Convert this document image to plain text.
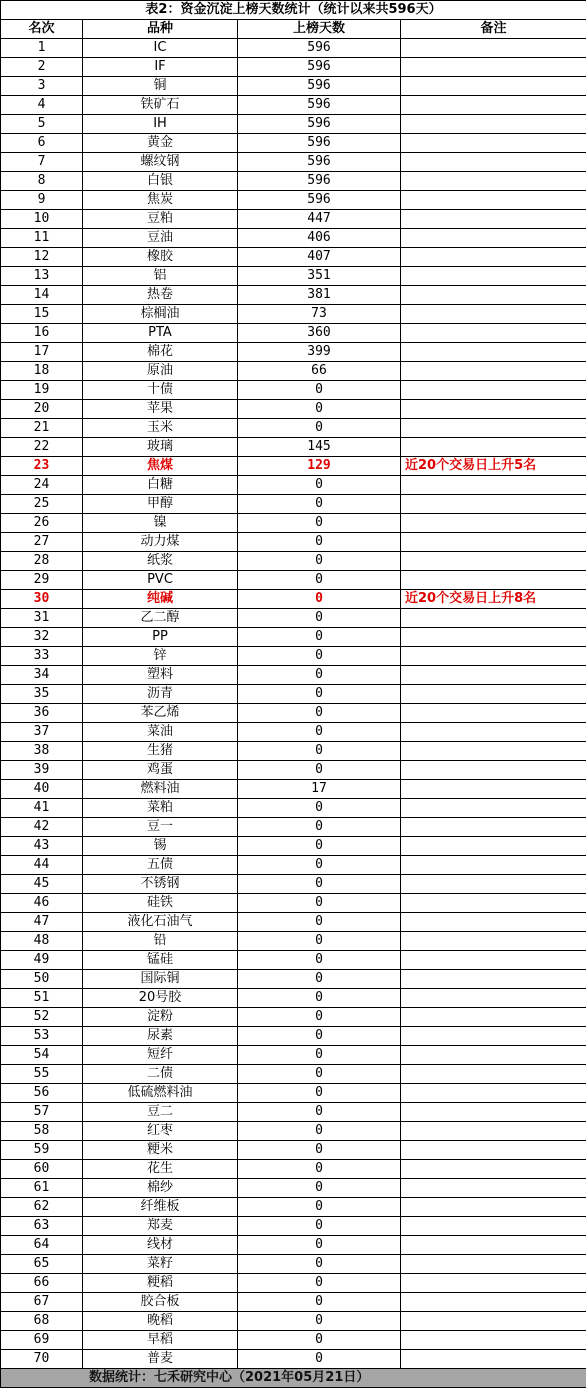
表2：资金沉淀上榜天数统计（统计以来共596天）			
名次	品种	上榜天数	备注
1	IC	596	
2	IF	596	
3	铜	596	
4	铁矿石	596	
5	IH	596	
6	黄金	596	
7	螺纹钢	596	
8	白银	596	
9	焦炭	596	
10	豆粕	447	
11	豆油	406	
12	橡胶	407	
13	铝	351	
14	热卷	381	
15	棕榈油	73	
16	PTA	360	
17	棉花	399	
18	原油	66	
19	十债	0	
20	苹果	0	
21	玉米	0	
22	玻璃	145	
23	焦煤	129	近20个交易日上升5名
24	白糖	0	
25	甲醇	0	
26	镍	0	
27	动力煤	0	
28	纸浆	0	
29	PVC	0	
30	纯碱	0	近20个交易日上升8名
31	乙二醇	0	
32	PP	0	
33	锌	0	
34	塑料	0	
35	沥青	0	
36	苯乙烯	0	
37	菜油	0	
38	生猪	0	
39	鸡蛋	0	
40	燃料油	17	
41	菜粕	0	
42	豆一	0	
43	锡	0	
44	五债	0	
45	不锈钢	0	
46	硅铁	0	
47	液化石油气	0	
48	铅	0	
49	锰硅	0	
50	国际铜	0	
51	20号胶	0	
52	淀粉	0	
53	尿素	0	
54	短纤	0	
55	二债	0	
56	低硫燃料油	0	
57	豆二	0	
58	红枣	0	
59	粳米	0	
60	花生	0	
61	棉纱	0	
62	纤维板	0	
63	郑麦	0	
64	线材	0	
65	菜籽	0	
66	粳稻	0	
67	胶合板	0	
68	晚稻	0	
69	早稻	0	
70	普麦	0	
数据统计：七禾研究中心（2021年05月21日）			
